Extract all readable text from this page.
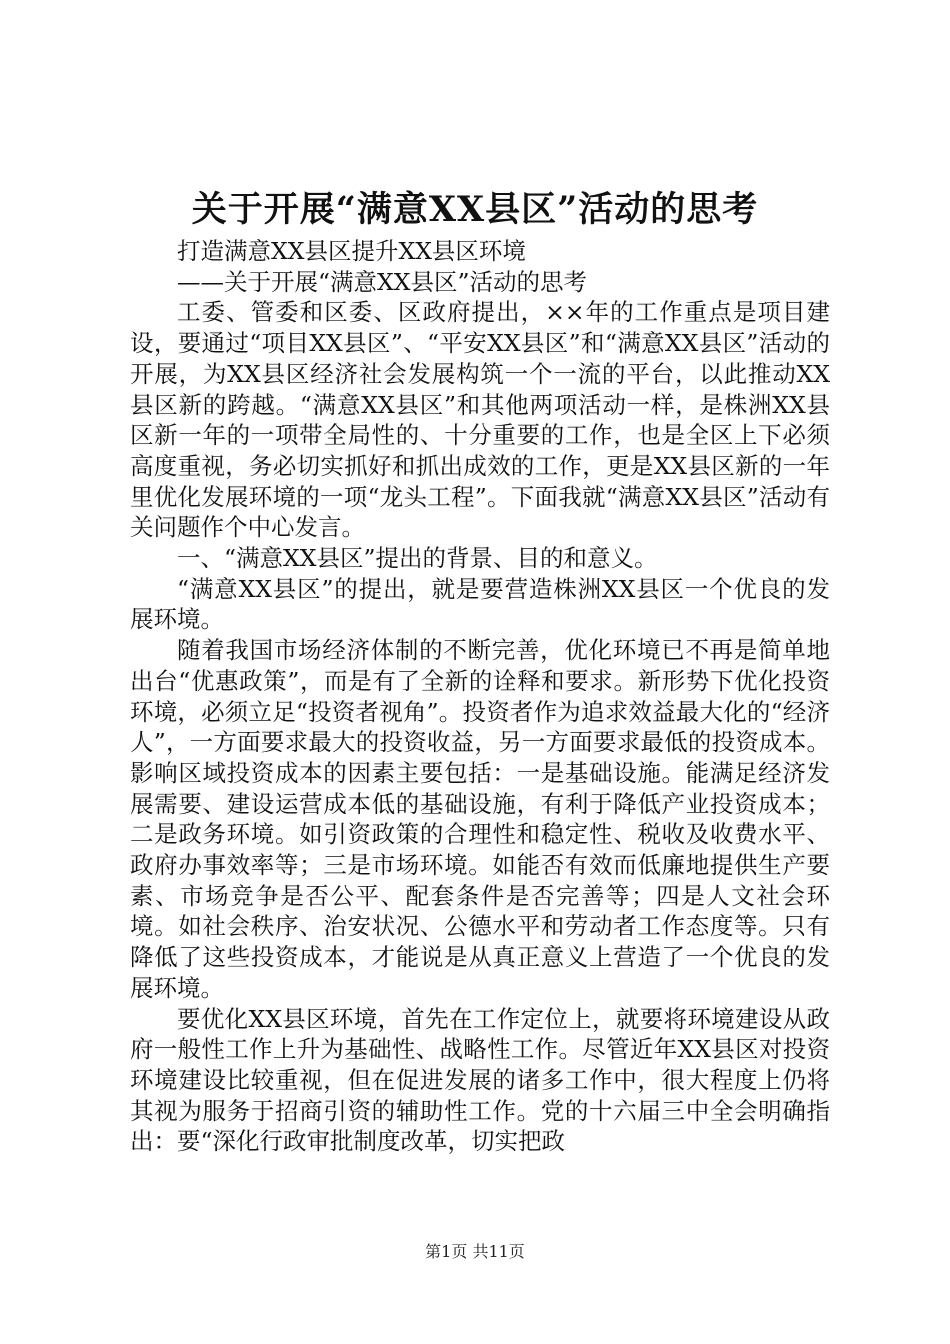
关于开展“满意XX县区”活动的思考

打造满意XX县区提升XX县区环境

——关于开展“满意XX县区”活动的思考

工委、管委和区委、区政府提出，××年的工作重点是项目建设，要通过“项目XX县区”、“平安XX县区”和“满意XX县区”活动的开展，为XX县区经济社会发展构筑一个一流的平台，以此推动XX县区新的跨越。“满意XX县区”和其他两项活动一样，是株洲XX县区新一年的一项带全局性的、十分重要的工作，也是全区上下必须高度重视，务必切实抓好和抓出成效的工作，更是XX县区新的一年里优化发展环境的一项“龙头工程”。下面我就“满意XX县区”活动有关问题作个中心发言。

一、“满意XX县区”提出的背景、目的和意义。

“满意XX县区”的提出，就是要营造株洲XX县区一个优良的发展环境。

随着我国市场经济体制的不断完善，优化环境已不再是简单地出台“优惠政策”，而是有了全新的诠释和要求。新形势下优化投资环境，必须立足“投资者视角”。投资者作为追求效益最大化的“经济人”，一方面要求最大的投资收益，另一方面要求最低的投资成本。影响区域投资成本的因素主要包括：一是基础设施。能满足经济发展需要、建设运营成本低的基础设施，有利于降低产业投资成本；二是政务环境。如引资政策的合理性和稳定性、税收及收费水平、政府办事效率等；三是市场环境。如能否有效而低廉地提供生产要素、市场竞争是否公平、配套条件是否完善等；四是人文社会环境。如社会秩序、治安状况、公德水平和劳动者工作态度等。只有降低了这些投资成本，才能说是从真正意义上营造了一个优良的发展环境。

要优化XX县区环境，首先在工作定位上，就要将环境建设从政府一般性工作上升为基础性、战略性工作。尽管近年XX县区对投资环境建设比较重视，但在促进发展的诸多工作中，很大程度上仍将其视为服务于招商引资的辅助性工作。党的十六届三中全会明确指出：要“深化行政审批制度改革，切实把政

第1页 共11页
